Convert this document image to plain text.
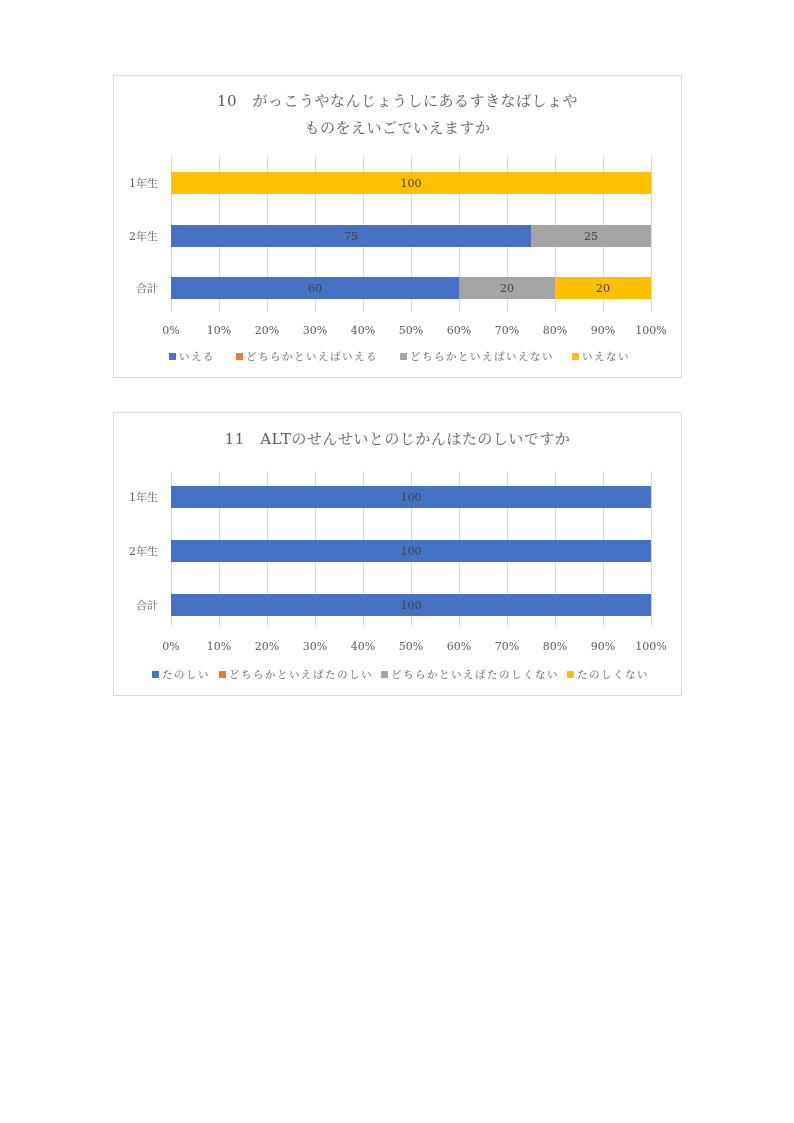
10　がっこうやなんじょうしにあるすきなばしょや
ものをえいごでいえますか
100
75	25
60	20	20
1年生
2年生
合計
0% 10% 20% 30% 40% 50% 60% 70% 80% 90% 100%
いえる	どちらかといえばいえる	どちらかといえばいえない	いえない
11　ALTのせんせいとのじかんはたのしいですか
100
100
100
1年生
2年生
合計
0% 10% 20% 30% 40% 50% 60% 70% 80% 90% 100%
たのしい どちらかといえばたのしい どちらかといえばたのしくない たのしくない
